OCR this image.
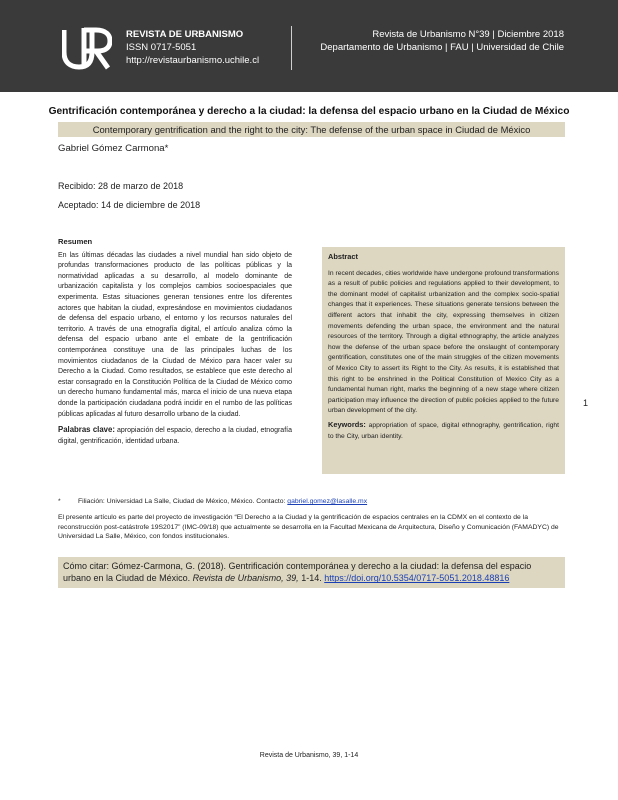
REVISTA DE URBANISMO
ISSN 0717-5051
http://revistaurbanismo.uchile.cl
Revista de Urbanismo N°39 | Diciembre 2018
Departamento de Urbanismo | FAU | Universidad de Chile
Gentrificación contemporánea y derecho a la ciudad: la defensa del espacio urbano en la Ciudad de México
Contemporary gentrification and the right to the city: The defense of the urban space in Ciudad de México
Gabriel Gómez Carmona*
Recibido: 28 de marzo de 2018
Aceptado: 14 de diciembre de 2018
Resumen
En las últimas décadas las ciudades a nivel mundial han sido objeto de profundas transformaciones producto de las políticas públicas y la normatividad aplicadas a su desarrollo, al modelo dominante de urbanización capitalista y los complejos cambios socioespaciales que experimenta. Estas situaciones generan tensiones entre los diferentes actores que habitan la ciudad, expresándose en movimientos ciudadanos de defensa del espacio urbano, el entorno y los recursos naturales del territorio. A través de una etnografía digital, el artículo analiza cómo la defensa del espacio urbano ante el embate de la gentrificación contemporánea constituye una de las principales luchas de los movimientos ciudadanos de la Ciudad de México para hacer valer su Derecho a la Ciudad. Como resultados, se establece que este derecho al estar consagrado en la Constitución Política de la Ciudad de México como un derecho humano fundamental más, marca el inicio de una nueva etapa donde la participación ciudadana podrá incidir en el rumbo de las políticas públicas aplicadas al futuro desarrollo urbano de la ciudad.
Palabras clave: apropiación del espacio, derecho a la ciudad, etnografía digital, gentrificación, identidad urbana.
Abstract
In recent decades, cities worldwide have undergone profound transformations as a result of public policies and regulations applied to their development, to the dominant model of capitalist urbanization and the complex socio-spatial changes that it experiences. These situations generate tensions between the different actors that inhabit the city, expressing themselves in citizen movements defending the urban space, the environment and the natural resources of the territory. Through a digital ethnography, the article analyzes how the defense of the urban space before the onslaught of contemporary gentrification, constitutes one of the main struggles of the citizen movements of Mexico City to assert its Right to the City. As results, it is established that this right to be enshrined in the Political Constitution of Mexico City as a fundamental human right, marks the beginning of a new stage where citizen participation may influence the direction of public policies applied to the future urban development of the city.
Keywords: appropriation of space, digital ethnography, gentrification, right to the City, urban identity.
1
*	Filiación: Universidad La Salle, Ciudad de México, México. Contacto: gabriel.gomez@lasalle.mx
El presente artículo es parte del proyecto de investigación “El Derecho a la Ciudad y la gentrificación de espacios centrales en la CDMX en el contexto de la reconstrucción post-catástrofe 19S2017” (IMC-09/18) que actualmente se desarrolla en la Facultad Mexicana de Arquitectura, Diseño y Comunicación (FAMADYC) de Universidad La Salle, México, con fondos institucionales.
Cómo citar: Gómez-Carmona, G. (2018). Gentrificación contemporánea y derecho a la ciudad: la defensa del espacio urbano en la Ciudad de México. Revista de Urbanismo, 39, 1-14. https://doi.org/10.5354/0717-5051.2018.48816
Revista de Urbanismo, 39, 1-14
